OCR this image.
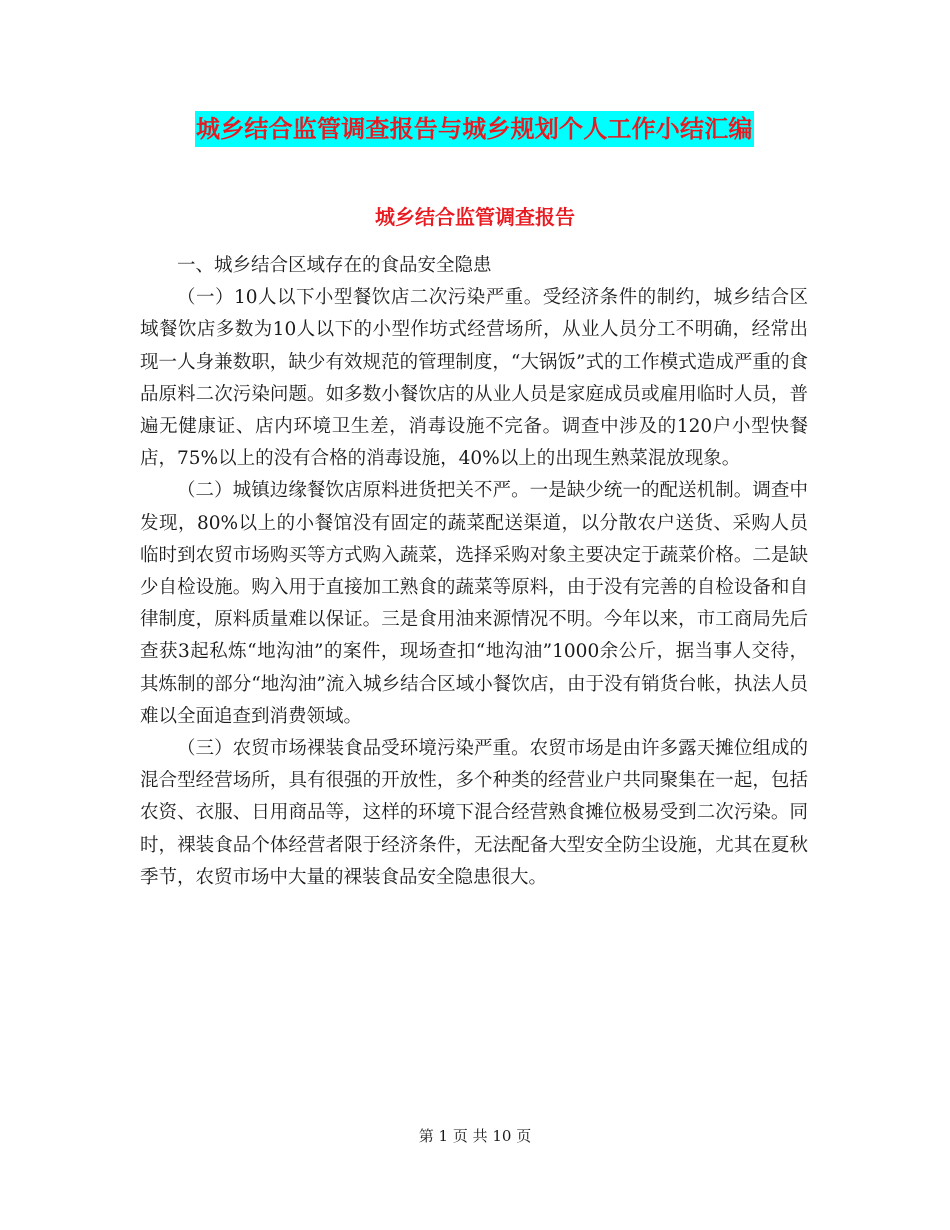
城乡结合监管调查报告与城乡规划个人工作小结汇编
城乡结合监管调查报告

一、城乡结合区域存在的食品安全隐患

（一）10人以下小型餐饮店二次污染严重。受经济条件的制约，城乡结合区域餐饮店多数为10人以下的小型作坊式经营场所，从业人员分工不明确，经常出现一人身兼数职，缺少有效规范的管理制度，“大锅饭”式的工作模式造成严重的食品原料二次污染问题。如多数小餐饮店的从业人员是家庭成员或雇用临时人员，普遍无健康证、店内环境卫生差，消毒设施不完备。调查中涉及的120户小型快餐店，75%以上的没有合格的消毒设施，40%以上的出现生熟菜混放现象。

（二）城镇边缘餐饮店原料进货把关不严。一是缺少统一的配送机制。调查中发现，80%以上的小餐馆没有固定的蔬菜配送渠道，以分散农户送货、采购人员临时到农贸市场购买等方式购入蔬菜，选择采购对象主要决定于蔬菜价格。二是缺少自检设施。购入用于直接加工熟食的蔬菜等原料，由于没有完善的自检设备和自律制度，原料质量难以保证。三是食用油来源情况不明。今年以来，市工商局先后查获3起私炼“地沟油”的案件，现场查扣“地沟油”1000余公斤，据当事人交待，其炼制的部分“地沟油”流入城乡结合区域小餐饮店，由于没有销货台帐，执法人员难以全面追查到消费领域。

（三）农贸市场裸装食品受环境污染严重。农贸市场是由许多露天摊位组成的混合型经营场所，具有很强的开放性，多个种类的经营业户共同聚集在一起，包括农资、衣服、日用商品等，这样的环境下混合经营熟食摊位极易受到二次污染。同时，裸装食品个体经营者限于经济条件，无法配备大型安全防尘设施，尤其在夏秋季节，农贸市场中大量的裸装食品安全隐患很大。

第 1 页 共 10 页
